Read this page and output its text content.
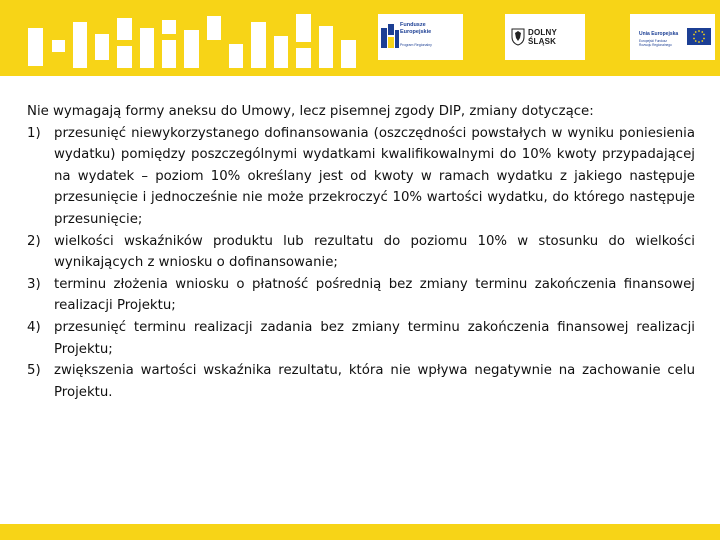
Fundusze
Europejskie
Program Regionalny
DOLNY
ŚLĄSK
Unia Europejska
Europejski Fundusz
Rozwoju Regionalnego
Nie wymagają formy aneksu do Umowy, lecz pisemnej zgody DIP, zmiany dotyczące:
1) przesunięć niewykorzystanego dofinansowania (oszczędności powstałych w wyniku poniesienia wydatku) pomiędzy poszczególnymi wydatkami kwalifikowalnymi do 10% kwoty przypadającej na wydatek – poziom 10% określany jest od kwoty w ramach wydatku z jakiego następuje przesunięcie i jednocześnie nie może przekroczyć 10% wartości wydatku, do którego następuje przesunięcie;
2) wielkości wskaźników produktu lub rezultatu do poziomu 10% w stosunku do wielkości wynikających z wniosku o dofinansowanie;
3) terminu złożenia wniosku o płatność pośrednią bez zmiany terminu zakończenia finansowej realizacji Projektu;
4) przesunięć terminu realizacji zadania bez zmiany terminu zakończenia finansowej realizacji Projektu;
5) zwiększenia wartości wskaźnika rezultatu, która nie wpływa negatywnie na zachowanie celu Projektu.
